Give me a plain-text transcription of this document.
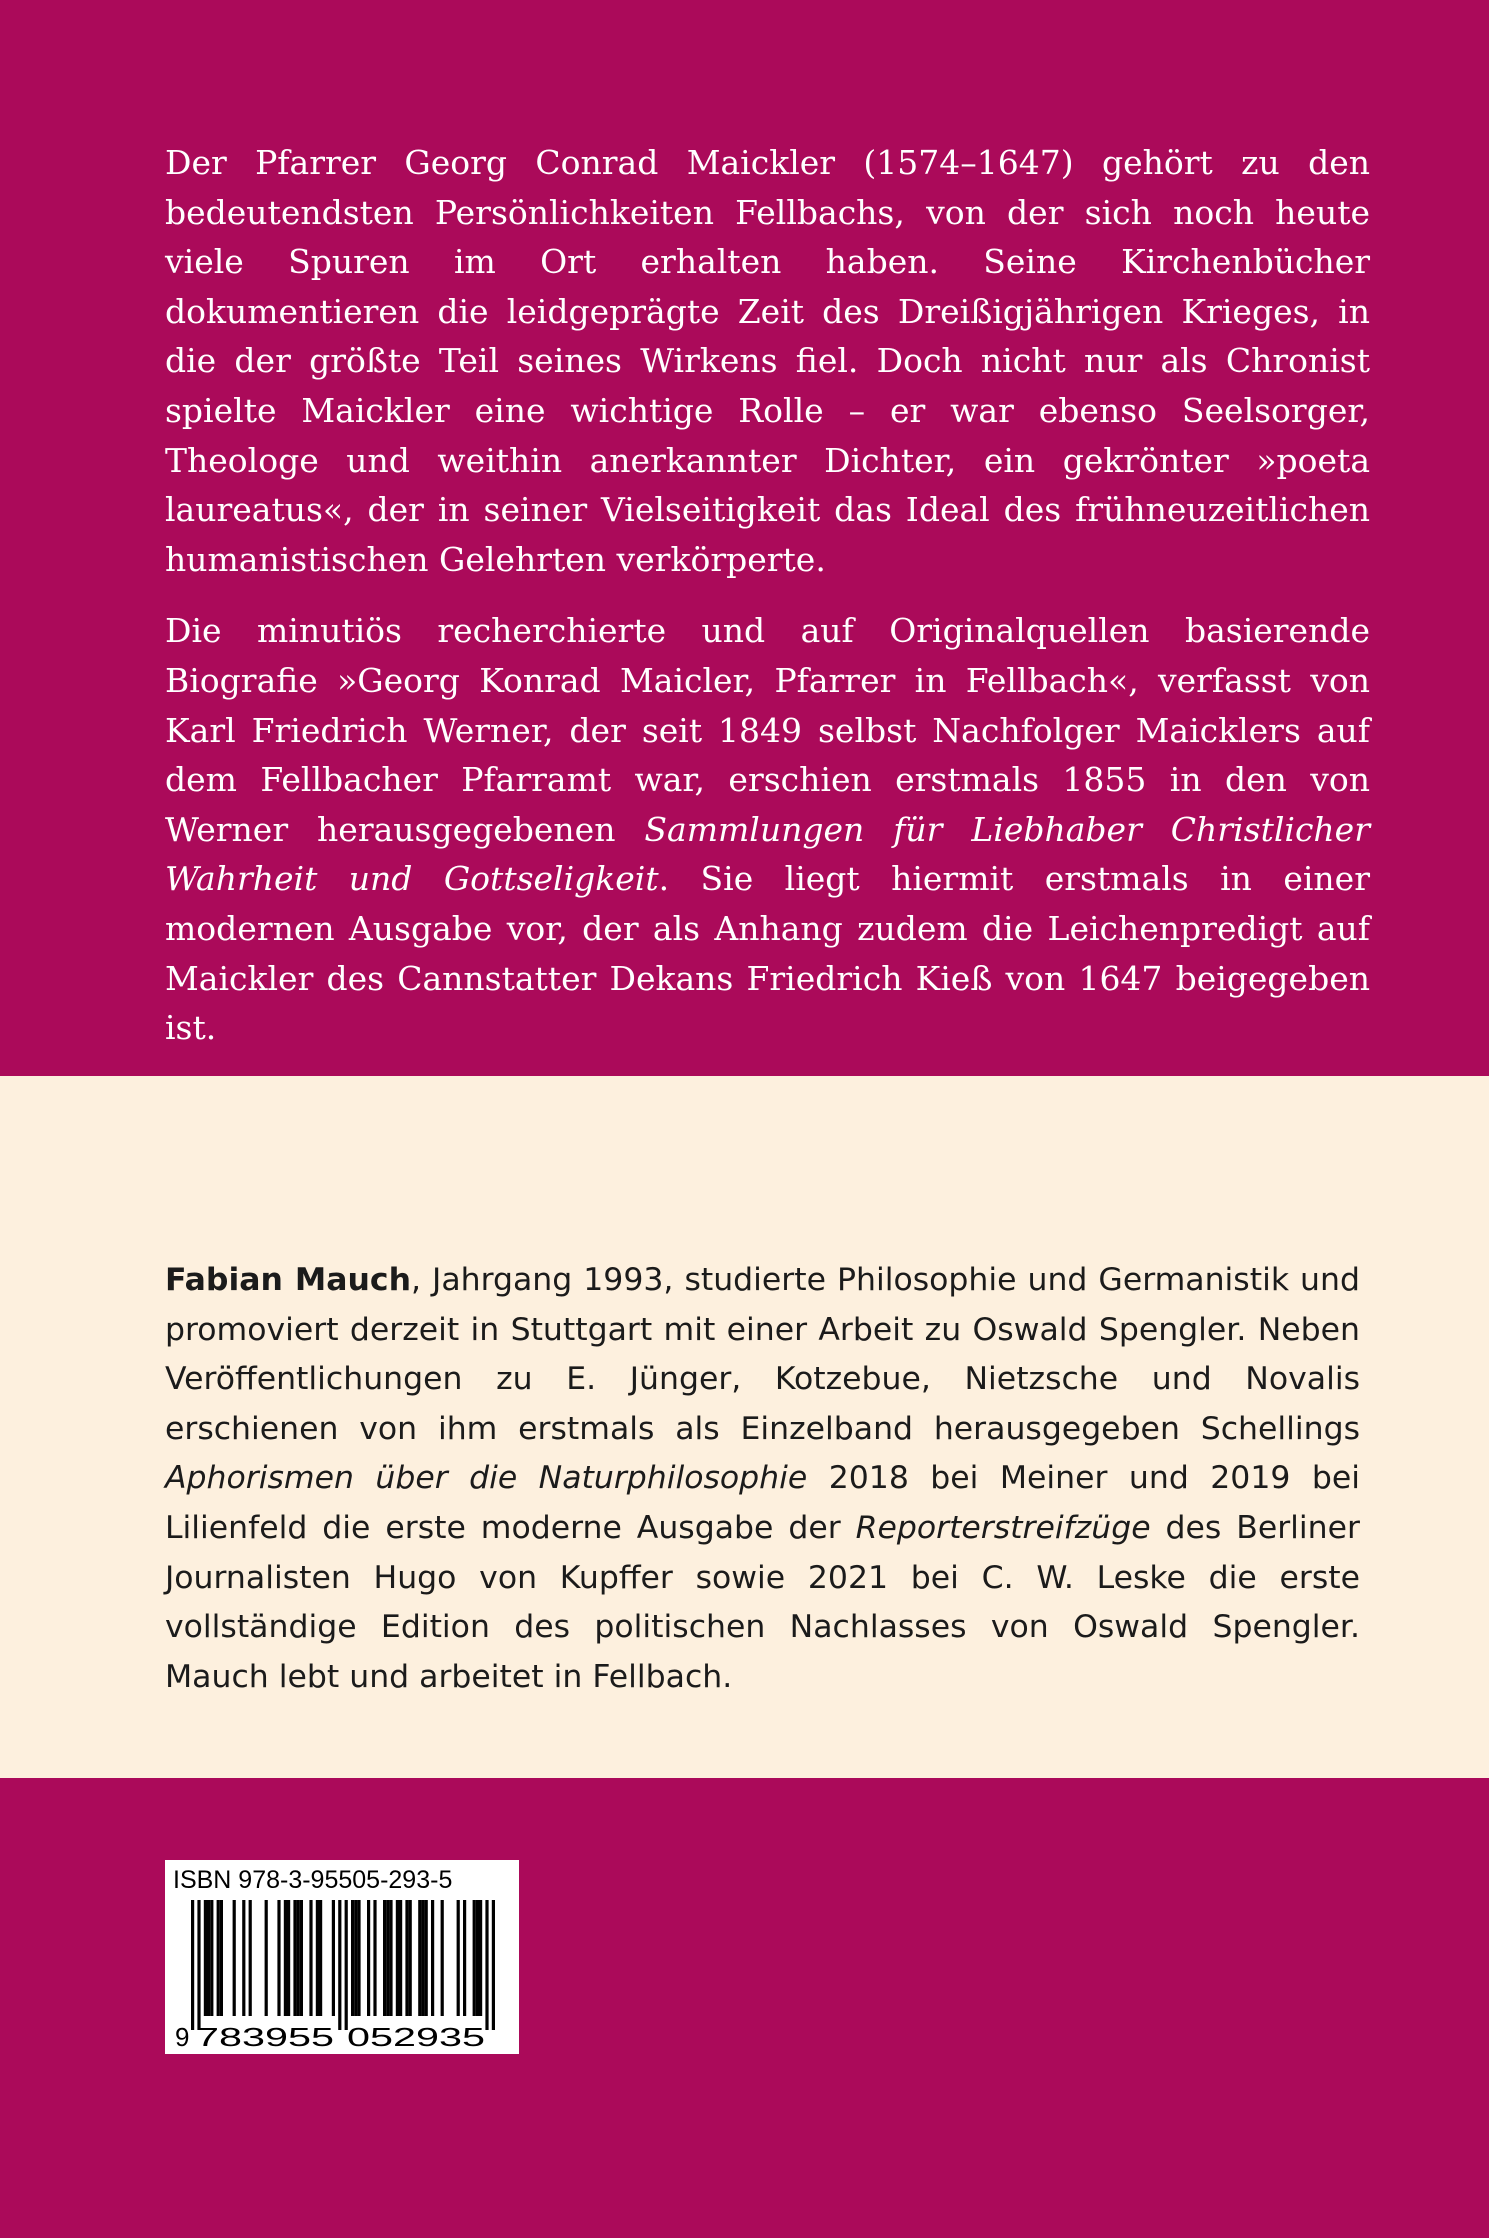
Der Pfarrer Georg Conrad Maickler (1574–1647) gehört zu den bedeutendsten Persönlichkeiten Fellbachs, von der sich noch heute viele Spuren im Ort erhalten haben. Seine Kirchenbücher dokumentieren die leidgeprägte Zeit des Dreißigjährigen Krieges, in die der größte Teil seines Wirkens fiel. Doch nicht nur als Chronist spielte Maickler eine wichtige Rolle – er war ebenso Seelsorger, Theologe und weithin anerkannter Dichter, ein gekrönter »poeta laureatus«, der in seiner Vielseitigkeit das Ideal des frühneuzeitlichen humanistischen Gelehrten verkörperte.

Die minutiös recherchierte und auf Originalquellen basierende Biografie »Georg Konrad Maicler, Pfarrer in Fellbach«, verfasst von Karl Friedrich Werner, der seit 1849 selbst Nachfolger Maicklers auf dem Fellbacher Pfarramt war, erschien erstmals 1855 in den von Werner herausgegebenen Sammlungen für Liebhaber Christlicher Wahrheit und Gottseligkeit. Sie liegt hiermit erstmals in einer modernen Ausgabe vor, der als Anhang zudem die Leichenpredigt auf Maickler des Cannstatter Dekans Friedrich Kieß von 1647 beigegeben ist.

Fabian Mauch, Jahrgang 1993, studierte Philosophie und Germanistik und promoviert derzeit in Stuttgart mit einer Arbeit zu Oswald Spengler. Neben Veröffentlichungen zu E. Jünger, Kotzebue, Nietzsche und Novalis erschienen von ihm erstmals als Einzelband herausgegeben Schellings Aphorismen über die Naturphilosophie 2018 bei Meiner und 2019 bei Lilienfeld die erste moderne Ausgabe der Reporterstreifzüge des Berliner Journalisten Hugo von Kupffer sowie 2021 bei C. W. Leske die erste vollständige Edition des politischen Nachlasses von Oswald Spengler. Mauch lebt und arbeitet in Fellbach.

ISBN 978-3-95505-293-5
9 783955 052935
